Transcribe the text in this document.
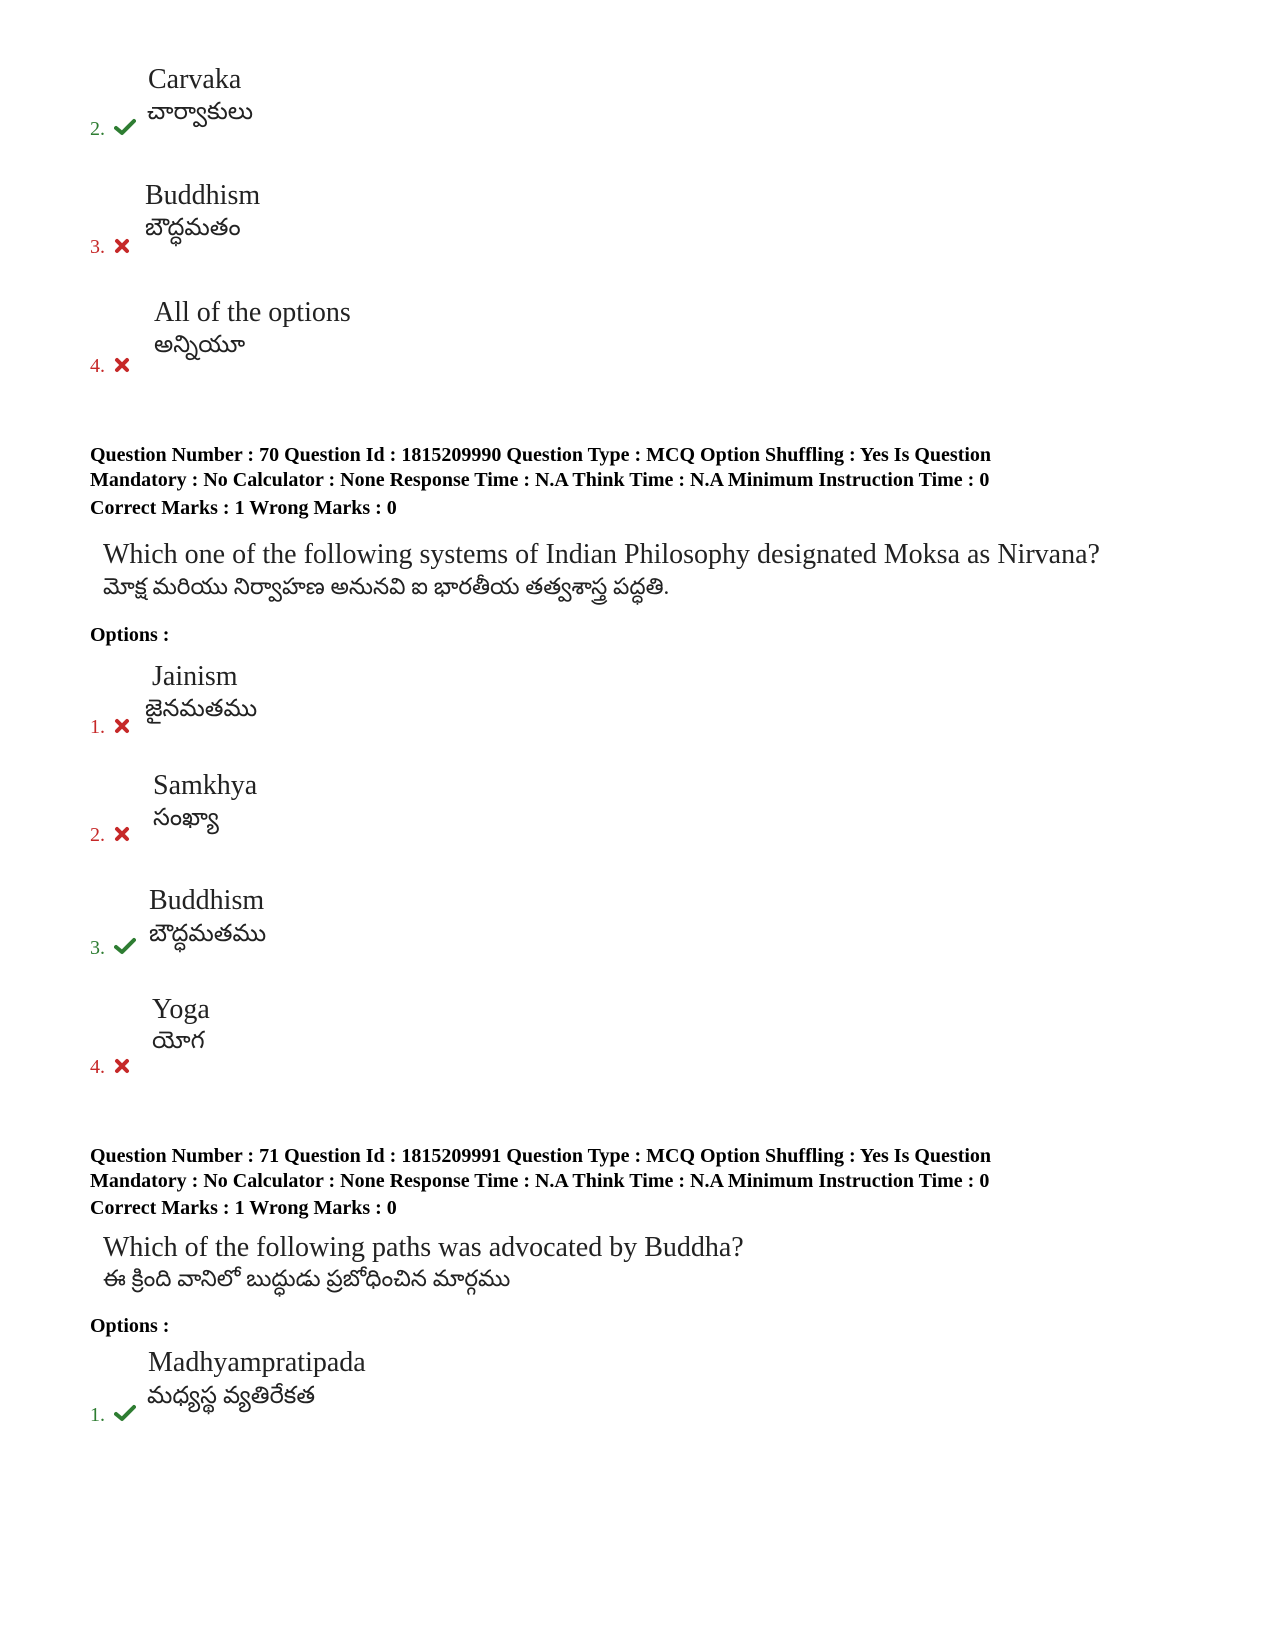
Carvaka
చార్వాకులు
2.
Buddhism
బౌద్ధమతం
3.
All of the options
అన్నియూ
4.
Question Number : 70 Question Id : 1815209990 Question Type : MCQ Option Shuffling : Yes Is Question
Mandatory : No Calculator : None Response Time : N.A Think Time : N.A Minimum Instruction Time : 0
Correct Marks : 1 Wrong Marks : 0
Which one of the following systems of Indian Philosophy designated Moksa as Nirvana?
మోక్ష మరియు నిర్వాహణ అనునవి ఐ భారతీయ తత్వశాస్త్ర పద్ధతి.
Options :
Jainism
జైనమతము
1.
Samkhya
సంఖ్యా
2.
Buddhism
బౌద్ధమతము
3.
Yoga
యోగ
4.
Question Number : 71 Question Id : 1815209991 Question Type : MCQ Option Shuffling : Yes Is Question
Mandatory : No Calculator : None Response Time : N.A Think Time : N.A Minimum Instruction Time : 0
Correct Marks : 1 Wrong Marks : 0
Which of the following paths was advocated by Buddha?
ఈ క్రింది వానిలో బుద్ధుడు ప్రబోధించిన మార్గము
Options :
Madhyampratipada
మధ్యస్థ వ్యతిరేకత
1.
